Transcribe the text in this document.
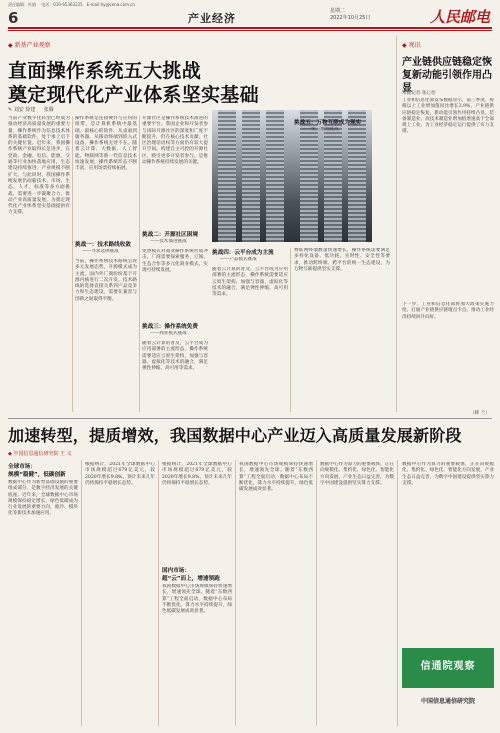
责任编辑：杜娟 　电话：010-65363225　E-mail:hy@cena.com.cn
6	产业经济
星期二
2022年10月25日	人民邮电
◆ 新基产业观察
直面操作系统五大挑战
奠定现代化产业体系坚实基础
✎ 刘安 徐建 　 张腾
当前产业数字化转型已经成为推动经济高质量发展的重要力量，操作系统作为信息技术体系的基础软件，处于承上启下的关键位置。近年来，我国操作系统产业取得长足进步，在党政、金融、电信、能源、交通等行业加快落地应用，生态建设持续推进，产业规模不断扩大。与此同时，我国操作系统发展仍面临技术、市场、生态、人才、标准等多方面挑战，需要进一步凝聚合力，推动产业高质量发展，为奠定现代化产业体系坚实基础提供有力支撑。
操作系统是连接硬件与应用的纽带，是计算机系统中最基础、最核心的软件。从桌面到服务器，从移动终端到嵌入式设备，操作系统无处不在。随着云计算、大数据、人工智能、物联网等新一代信息技术快速发展，操作系统形态不断丰富，应用场景持续拓展。
挑战一：技术路线收敛
——寻求选择挑战
当前，操作系统技术路线呈现多元发展态势，开源模式成为主流，国内外厂商纷纷基于开源内核进行二次开发。技术路线的选择直接关系到产品竞争力和生态建设，需要在兼容与创新之间取得平衡。
开源社区是操作系统技术演进的重要平台。我国企业和开发者参与国际开源社区的深度和广度不断提升，但在核心技术贡献、社区治理话语权等方面仍有较大提升空间。构建自主可控的开源社区，吸引更多开发者参与，是推动操作系统持续发展的关键。
挑战二：开源社区困境
——技术演进挑战
免费模式对商业操作系统形成冲击，厂商需要探索服务、订阅、生态合作等多元化商业模式，实现可持续发展。
挑战三：操作系统免费
——商业模式挑战
随着云计算的普及，云平台成为应用部署的主流形态，操作系统需要适应云原生架构，加强与容器、虚拟化等技术的融合，满足弹性伸缩、高可用等需求。
挑战四：云平台成为主流
——产品模式挑战
随着云计算的普及，云平台成为应用部署的主流形态，操作系统需要适应云原生架构，加强与容器、虚拟化等技术的融合，满足弹性伸缩、高可用等需求。
挑战五：万物互联成为现实
——统三规划挑战
物联网终端数量快速增长，操作系统需要满足多样化设备、低功耗、实时性、安全性等要求，推动跨终端、跨平台的统一生态建设，为万物互联提供坚实支撑。
◆ 观讯
产业链供应链稳定恢复新动能引领作用凸显
本报记者 张心怡
工业和信息化部发布数据显示，前三季度，规模以上工业增加值同比增长3.9%，产业链供应链稳定恢复，新动能引领作用持续凸显。装备制造业、高技术制造业增加值增速高于全部规上工业，为工业经济稳定运行提供了有力支撑。
下一步，工业和信息化部将加大政策实施力度，打通产业链供应链堵点卡点，推动工业经济持续回升向好。
（韩 兰）
加速转型，提质增效，我国数据中心产业迈入高质量发展新阶段
◆ 中国信息通信研究院 王 义
全球市场：
规模“稳健”，低碳创新
数据中心作为新型基础设施的重要组成部分，是数字经济发展的关键底座。近年来，全球数据中心市场规模保持稳定增长，绿色低碳成为行业发展的重要方向，液冷、模块化等新技术加速应用。
根据统计，2021年全球数据中心市场规模超过679亿美元，较2020年增长9.8%，预计未来几年仍将保持平稳增长态势。
根据统计，2021年全球数据中心市场规模超过679亿美元，较2020年增长9.8%，预计未来几年仍将保持平稳增长态势。
国内市场：
超“云”而上，增速领跑
我国数据中心市场规模保持快速增长，增速领先全球。随着“东数西算”工程全面启动，数据中心布局不断优化，算力水平持续提升，绿色低碳发展成效显著。
我国数据中心市场规模保持快速增长，增速领先全球。随着“东数西算”工程全面启动，数据中心布局不断优化，算力水平持续提升，绿色低碳发展成效显著。
数据中心作为算力的重要载体，正在向规模化、集约化、绿色化、智能化方向发展，产业生态日益完善，为数字中国建设提供坚实算力支撑。
数据中心作为算力的重要载体，正在向规模化、集约化、绿色化、智能化方向发展，产业生态日益完善，为数字中国建设提供坚实算力支撑。
信通院观察
中国信息通信研究院
